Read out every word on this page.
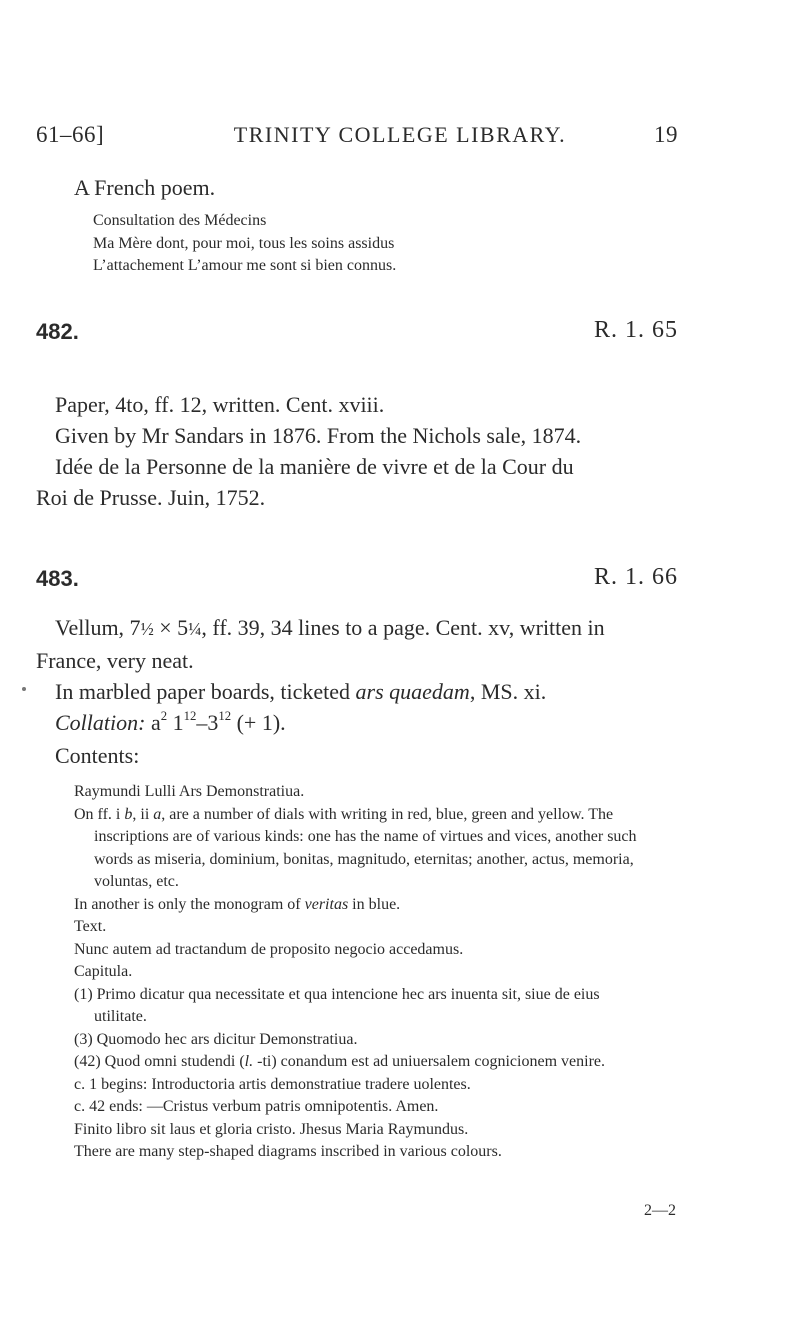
61–66]	TRINITY COLLEGE LIBRARY.	19
A French poem.

Consultation des Médecins

Ma Mère dont, pour moi, tous les soins assidus

L’attachement L’amour me sont si bien connus.

482.	R. 1. 65

Paper, 4to, ff. 12, written. Cent. xviii.

Given by Mr Sandars in 1876. From the Nichols sale, 1874.

Idée de la Personne de la manière de vivre et de la Cour du

Roi de Prusse. Juin, 1752.

483.	R. 1. 66

Vellum, 7½ × 5¼, ff. 39, 34 lines to a page. Cent. xv, written in

France, very neat.

In marbled paper boards, ticketed ars quaedam, MS. xi.

Collation: $a^2$ $1^{12}-3^{12}$ (+ 1).

Contents:

Raymundi Lulli Ars Demonstratiua.

On ff. i b, ii a, are a number of dials with writing in red, blue, green and yellow. The inscriptions are of various kinds: one has the name of virtues and vices, another such words as miseria, dominium, bonitas, magnitudo, eternitas; another, actus, memoria, voluntas, etc.

In another is only the monogram of veritas in blue.

Text.

Nunc autem ad tractandum de proposito negocio accedamus.

Capitula.

(1) Primo dicatur qua necessitate et qua intencione hec ars inuenta sit, siue de eius utilitate.

(3) Quomodo hec ars dicitur Demonstratiua.

(42) Quod omni studendi (l. -ti) conandum est ad uniuersalem cognicionem venire.

c. 1 begins: Introductoria artis demonstratiue tradere uolentes.

c. 42 ends: —Cristus verbum patris omnipotentis. Amen.

Finito libro sit laus et gloria cristo. Jhesus Maria Raymundus.

There are many step-shaped diagrams inscribed in various colours.

2—2
